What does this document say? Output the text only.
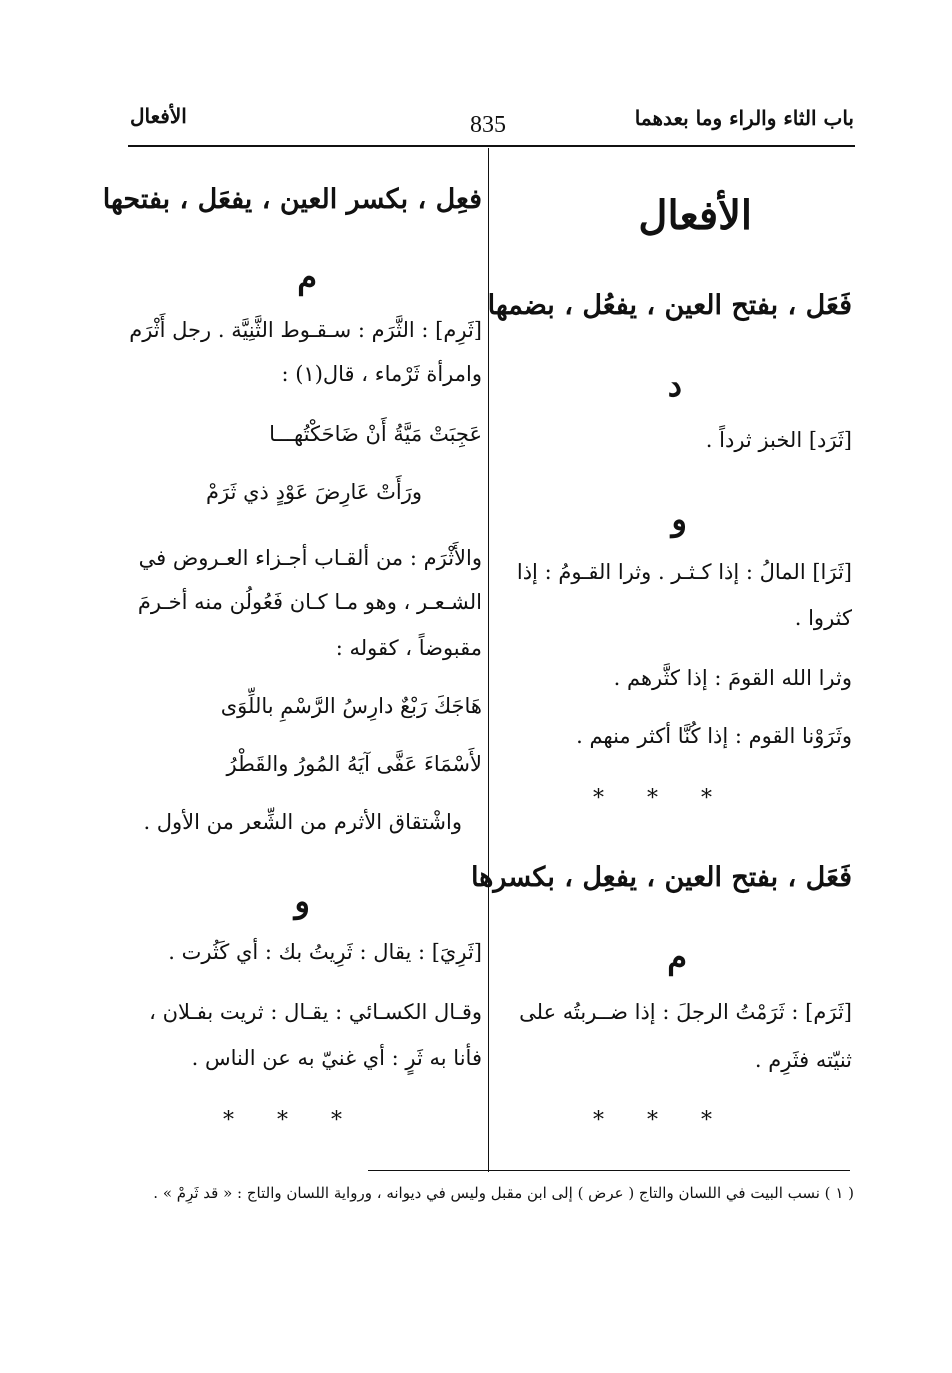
باب الثاء والراء وما بعدهما
835
الأفعال
الأفعال
فَعَل ، بفتح العين ، يفعُل ، بضمها
د
[ثَرَد] الخبز ثرداً .
و
[ثَرَا] المالُ : إذا كـثـر . وثرا القـومُ : إذا
كثروا .
وثرا الله القومَ : إذا كثَّرهم .
وثَرَوْنا القوم : إذا كُنَّا أكثر منهم .
* * *
فَعَل ، بفتح العين ، يفعِل ، بكسرها
م
[ثَرَم] : ثَرَمْتُ الرجلَ : إذا ضــربتُه على
ثنيّته فثَرِم .
* * *
فعِل ، بكسر العين ، يفعَل ، بفتحها
م
[ثَرِم] : الثَّرَم : سـقـوط الثَّنِيَّة . رجل أَثْرَم
وامرأة ثَرْماء ، قال(١) :
عَجِبَتْ مَيَّةُ أَنْ ضَاحَكْتُهـــا
ورَأَتْ عَارِضَ عَوْدٍ ذي ثَرَمْ
والأَثْرَم : من ألقـاب أجـزاء العـروض في
الشـعـر ، وهو مـا كـان فَعُولُن منه أخـرمَ
مقبوضاً ، كقوله :
هَاجَكَ رَبْعٌ دارِسُ الرَّسْمِ باللِّوَى
لأَسْمَاءَ عَفَّى آيَهُ المُورُ والقَطْرُ
واشْتقاق الأثرم من الشِّعر من الأول .
و
[ثَرِيَ] : يقال : ثَرِيتُ بك : أي كَثُرت .
وقـال الكسـائي : يقـال : ثريت بفـلان ،
فأنا به ثَرٍ : أي غنيّ به عن الناس .
* * *
( ١ ) نسب البيت في اللسان والتاج ( عرض ) إلى ابن مقبل وليس في ديوانه ، ورواية اللسان والتاج : « قد ثَرِمْ » .
